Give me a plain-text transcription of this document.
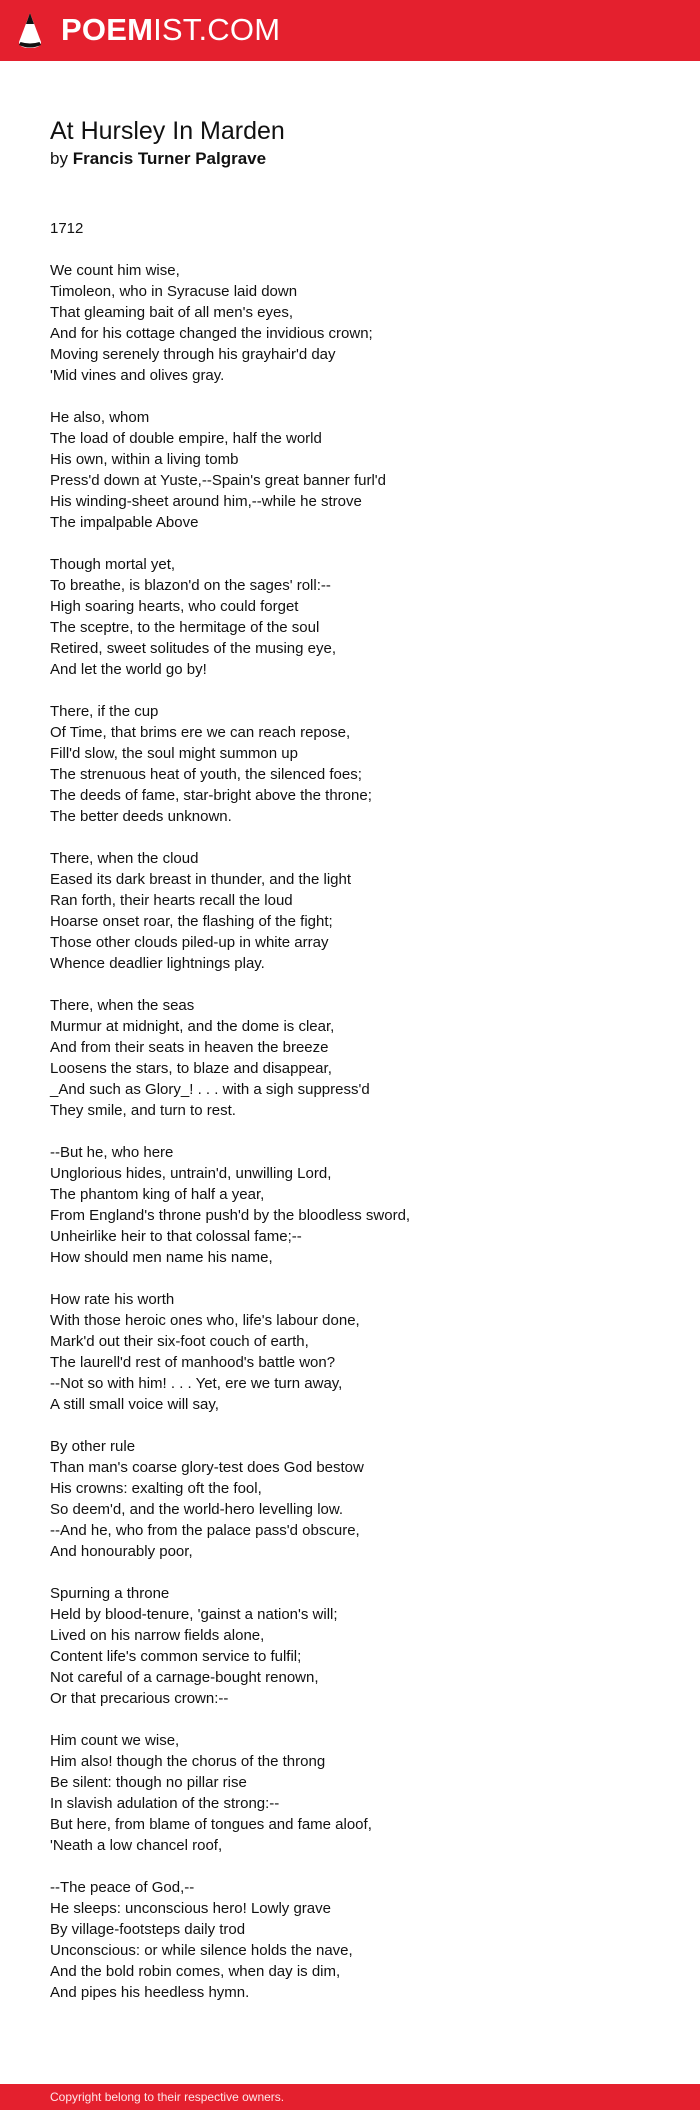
POEMIST.COM
At Hursley In Marden
by Francis Turner Palgrave
1712
We count him wise,
Timoleon, who in Syracuse laid down
That gleaming bait of all men's eyes,
And for his cottage changed the invidious crown;
Moving serenely through his grayhair'd day
'Mid vines and olives gray.
He also, whom
The load of double empire, half the world
His own, within a living tomb
Press'd down at Yuste,--Spain's great banner furl'd
His winding-sheet around him,--while he strove
The impalpable Above
Though mortal yet,
To breathe, is blazon'd on the sages' roll:--
High soaring hearts, who could forget
The sceptre, to the hermitage of the soul
Retired, sweet solitudes of the musing eye,
And let the world go by!
There, if the cup
Of Time, that brims ere we can reach repose,
Fill'd slow, the soul might summon up
The strenuous heat of youth, the silenced foes;
The deeds of fame, star-bright above the throne;
The better deeds unknown.
There, when the cloud
Eased its dark breast in thunder, and the light
Ran forth, their hearts recall the loud
Hoarse onset roar, the flashing of the fight;
Those other clouds piled-up in white array
Whence deadlier lightnings play.
There, when the seas
Murmur at midnight, and the dome is clear,
And from their seats in heaven the breeze
Loosens the stars, to blaze and disappear,
_And such as Glory_! . . . with a sigh suppress'd
They smile, and turn to rest.
--But he, who here
Unglorious hides, untrain'd, unwilling Lord,
The phantom king of half a year,
From England's throne push'd by the bloodless sword,
Unheirlike heir to that colossal fame;--
How should men name his name,
How rate his worth
With those heroic ones who, life's labour done,
Mark'd out their six-foot couch of earth,
The laurell'd rest of manhood's battle won?
--Not so with him! . . . Yet, ere we turn away,
A still small voice will say,
By other rule
Than man's coarse glory-test does God bestow
His crowns: exalting oft the fool,
So deem'd, and the world-hero levelling low.
--And he, who from the palace pass'd obscure,
And honourably poor,
Spurning a throne
Held by blood-tenure, 'gainst a nation's will;
Lived on his narrow fields alone,
Content life's common service to fulfil;
Not careful of a carnage-bought renown,
Or that precarious crown:--
Him count we wise,
Him also! though the chorus of the throng
Be silent: though no pillar rise
In slavish adulation of the strong:--
But here, from blame of tongues and fame aloof,
'Neath a low chancel roof,
--The peace of God,--
He sleeps: unconscious hero! Lowly grave
By village-footsteps daily trod
Unconscious: or while silence holds the nave,
And the bold robin comes, when day is dim,
And pipes his heedless hymn.
Copyright belong to their respective owners.
